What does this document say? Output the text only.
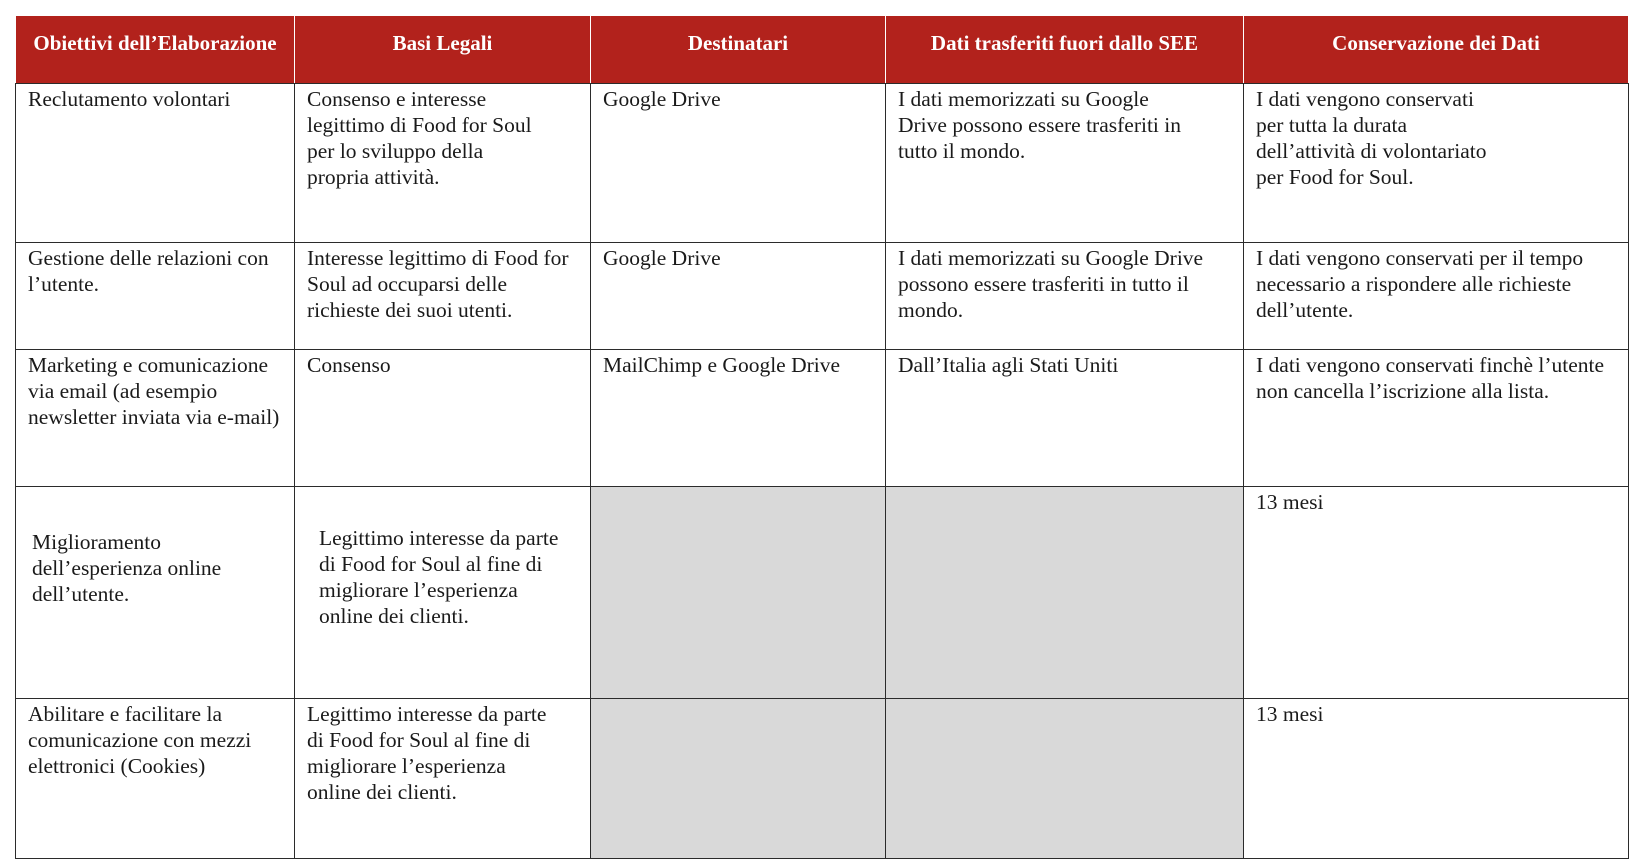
Obiettivi dell’Elaborazione	Basi Legali	Destinatari	Dati trasferiti fuori dallo SEE	Conservazione dei Dati
Reclutamento volontari	Consenso e interesse legittimo di Food for Soul per lo sviluppo della propria attività.	Google Drive	I dati memorizzati su Google Drive possono essere trasferiti in tutto il mondo.	I dati vengono conservati per tutta la durata dell’attività di volontariato per Food for Soul.

Gestione delle relazioni con l’utente.	Interesse legittimo di Food for Soul ad occuparsi delle richieste dei suoi utenti.	Google Drive	I dati memorizzati su Google Drive possono essere trasferiti in tutto il mondo.	I dati vengono conservati per il tempo necessario a rispondere alle richieste dell’utente.
Marketing e comunicazione via email (ad esempio newsletter inviata via e-mail)	Consenso	MailChimp e Google Drive	Dall’Italia agli Stati Uniti	I dati vengono conservati finchè l’utente non cancella l’iscrizione alla lista.

Miglioramento dell’esperienza online dell’utente.	Legittimo interesse da parte di Food for Soul al fine di migliorare l’esperienza online dei clienti.			13 mesi
Abilitare e facilitare la comunicazione con mezzi elettronici (Cookies)	Legittimo interesse da parte di Food for Soul al fine di migliorare l’esperienza online dei clienti.			13 mesi
